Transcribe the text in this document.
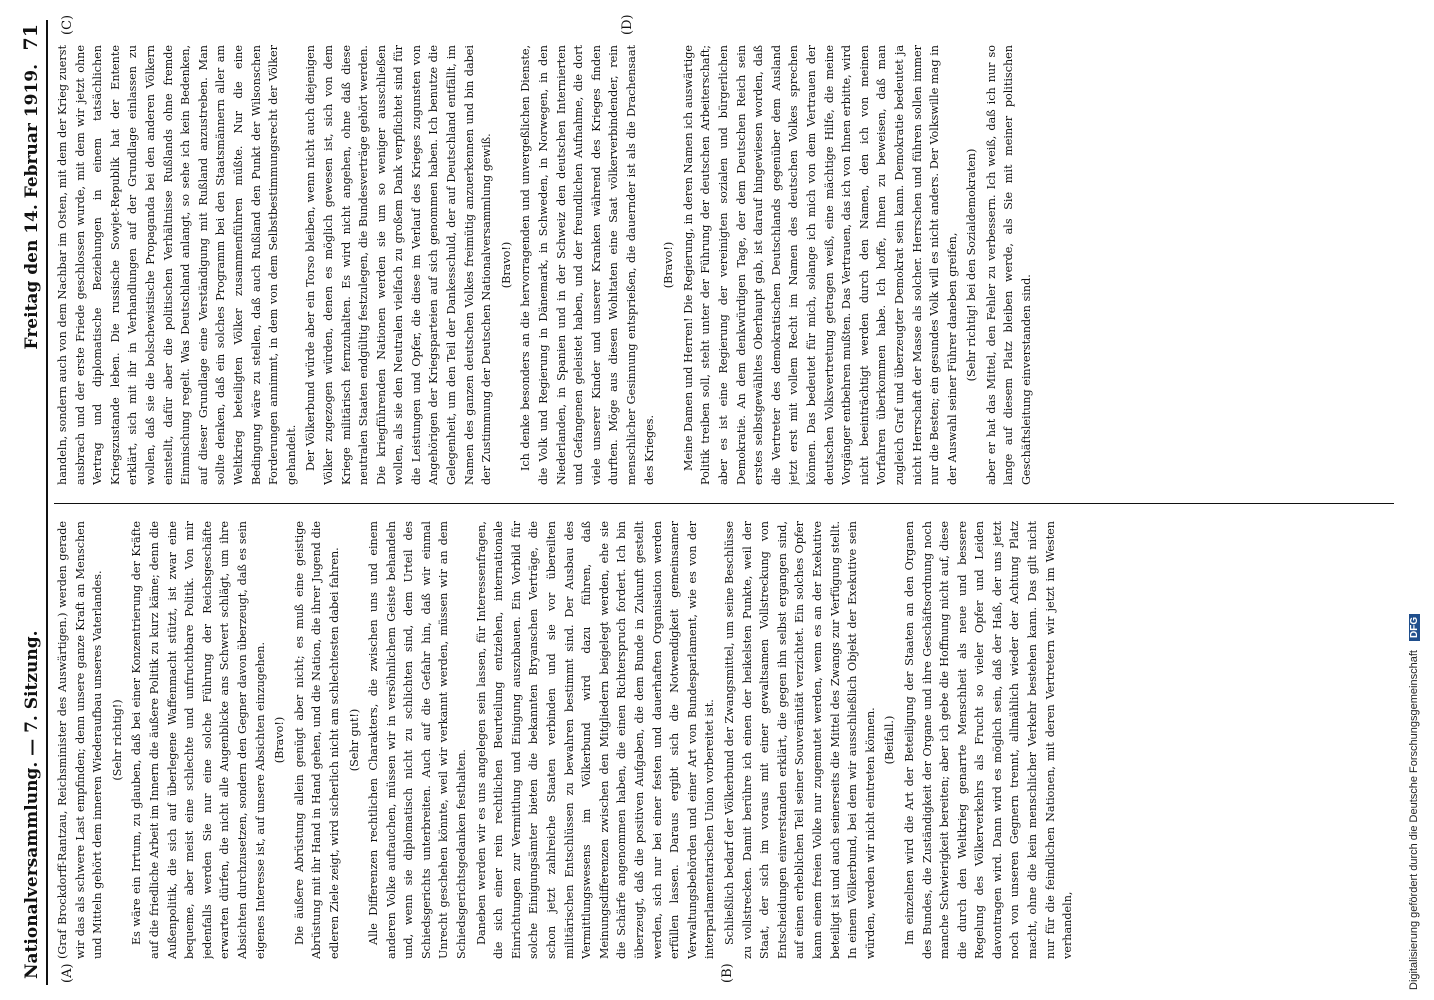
Nationalversammlung. — 7. Sitzung.
Freitag den 14. Februar 1919.
71
(A)	(B)
(C)	(D)

(Graf Brockdorff-Rantzau, Reichsminister des Auswärtigen.) werden gerade wir das als schwere Last empfinden; denn unsere ganze Kraft an Menschen und Mitteln gehört dem inneren Wiederaufbau unseres Vaterlandes. (Sehr richtig!) Es wäre ein Irrtum, zu glauben, daß bei einer Konzentrierung der Kräfte auf die friedliche Arbeit im Innern die äußere Politik zu kurz käme; denn die Außenpolitik, die sich auf überlegene Waffenmacht stützt, ist zwar eine bequeme, aber meist eine schlechte und unfruchtbare Politik. Von mir jedenfalls werden Sie nur eine solche Führung der Reichsgeschäfte erwarten dürfen, die nicht alle Augenblicke ans Schwert schlägt, um ihre Absichten durchzusetzen, sondern den Gegner davon überzeugt, daß es sein eigenes Interesse ist, auf unsere Absichten einzugehen. (Bravo!) Die äußere Abrüstung allein genügt aber nicht; es muß eine geistige Abrüstung mit ihr Hand in Hand gehen, und die Nation, die ihrer Jugend die edleren Ziele zeigt, wird sicherlich nicht am schlechtesten dabei fahren. (Sehr gut!) Alle Differenzen rechtlichen Charakters, die zwischen uns und einem anderen Volke auftauchen, müssen wir in versöhnlichem Geiste behandeln und, wenn sie diplomatisch nicht zu schlichten sind, dem Urteil des Schiedsgerichts unterbreiten. Auch auf die Gefahr hin, daß wir einmal Unrecht geschehen könnte, weil wir verkannt werden, müssen wir an dem Schiedsgerichtsgedanken festhalten. Daneben werden wir es uns angelegen sein lassen, für Interessenfragen, die sich einer rein rechtlichen Beurteilung entziehen, internationale Einrichtungen zur Vermittlung und Einigung auszubauen. Ein Vorbild für solche Einigungsämter bieten die bekannten Bryanschen Verträge, die schon jetzt zahlreiche Staaten verbinden und sie vor übereilten militärischen Entschlüssen zu bewahren bestimmt sind. Der Ausbau des Vermittlungswesens im Völkerbund wird dazu führen, daß Meinungsdifferenzen zwischen den Mitgliedern beigelegt werden, ehe sie die Schärfe angenommen haben, die einen Richterspruch fordert. Ich bin überzeugt, daß die positiven Aufgaben, die dem Bunde in Zukunft gestellt werden, sich nur bei einer festen und dauerhaften Organisation werden erfüllen lassen. Daraus ergibt sich die Notwendigkeit gemeinsamer Verwaltungsbehörden und einer Art von Bundesparlament, wie es von der interparlamentarischen Union vorbereitet ist. Schließlich bedarf der Völkerbund der Zwangsmittel, um seine Beschlüsse zu vollstrecken. Damit berühre ich einen der heikelsten Punkte, weil der Staat, der sich im voraus mit einer gewaltsamen Vollstreckung von Entscheidungen einverstanden erklärt, die gegen ihn selbst ergangen sind, auf einen erheblichen Teil seiner Souveränität verzichtet. Ein solches Opfer kann einem freien Volke nur zugemutet werden, wenn es an der Exekutive beteiligt ist und auch seinerseits die Mittel des Zwangs zur Verfügung stellt. In einem Völkerbund, bei dem wir ausschließlich Objekt der Exekutive sein würden, werden wir nicht eintreten können. (Beifall.) Im einzelnen wird die Art der Beteiligung der Staaten an den Organen des Bundes, die Zuständigkeit der Organe und ihre Geschäftsordnung noch manche Schwierigkeit bereiten; aber ich gebe die Hoffnung nicht auf, diese die durch den Weltkrieg genarrte Menschheit als neue und bessere Regelung des Völkerverkehrs als Frucht so vieler Opfer und Leiden davontragen wird. Dann wird es möglich sein, daß der Haß, der uns jetzt noch von unseren Gegnern trennt, allmählich wieder der Achtung Platz macht, ohne die kein menschlicher Verkehr bestehen kann. Das gilt nicht nur für die feindlichen Nationen, mit deren Vertretern wir jetzt im Westen verhandeln,

handeln, sondern auch von dem Nachbar im Osten, mit dem der Krieg zuerst ausbrach und der erste Friede geschlossen wurde, mit dem wir jetzt ohne Vertrag und diplomatische Beziehungen in einem tatsächlichen Kriegszustande leben. Die russische Sowjet-Republik hat der Entente erklärt, sich mit ihr in Verhandlungen auf der Grundlage einlassen zu wollen, daß sie die bolschewistische Propaganda bei den anderen Völkern einstellt, dafür aber die politischen Verhältnisse Rußlands ohne fremde Einmischung regelt. Was Deutschland anlangt, so sehe ich kein Bedenken, auf dieser Grundlage eine Verständigung mit Rußland anzustreben. Man sollte denken, daß ein solches Programm bei den Staatsmännern aller am Weltkrieg beteiligten Völker zusammenführen müßte. Nur die eine Bedingung wäre zu stellen, daß auch Rußland den Punkt der Wilsonschen Forderungen annimmt, in dem von dem Selbstbestimmungsrecht der Völker gehandelt. Der Völkerbund würde aber ein Torso bleiben, wenn nicht auch diejenigen Völker zugezogen würden, denen es möglich gewesen ist, sich von dem Kriege militärisch fernzuhalten. Es wird nicht angehen, ohne daß diese neutralen Staaten endgültig festzulegen, die Bundesverträge gehört werden. Die kriegführenden Nationen werden sie um so weniger ausschließen wollen, als sie den Neutralen vielfach zu großem Dank verpflichtet sind für die Leistungen und Opfer, die diese im Verlauf des Krieges zugunsten von Angehörigen der Kriegsparteien auf sich genommen haben. Ich benutze die Gelegenheit, um den Teil der Dankesschuld, der auf Deutschland entfällt, im Namen des ganzen deutschen Volkes freimütig anzuerkennen und bin dabei der Zustimmung der Deutschen Nationalversammlung gewiß. (Bravo!) Ich denke besonders an die hervorragenden und unvergeßlichen Dienste, die Volk und Regierung in Dänemark, in Schweden, in Norwegen, in den Niederlanden, in Spanien und in der Schweiz den deutschen Internierten und Gefangenen geleistet haben, und der freundlichen Aufnahme, die dort viele unserer Kinder und unserer Kranken während des Krieges finden durften. Möge aus diesen Wohltaten eine Saat völkerverbindender, rein menschlicher Gesinnung entsprießen, die dauernder ist als die Drachensaat des Krieges.

(Bravo!) Meine Damen und Herren! Die Regierung, in deren Namen ich auswärtige Politik treiben soll, steht unter der Führung der deutschen Arbeiterschaft; aber es ist eine Regierung der vereinigten sozialen und bürgerlichen Demokratie. An dem denkwürdigen Tage, der dem Deutschen Reich sein erstes selbstgewähltes Oberhaupt gab, ist darauf hingewiesen worden, daß die Vertreter des demokratischen Deutschlands gegenüber dem Ausland jetzt erst mit vollem Recht im Namen des deutschen Volkes sprechen können. Das bedeutet für mich, solange ich mich von dem Vertrauen der deutschen Volksvertretung getragen weiß, eine mächtige Hilfe, die meine Vorgänger entbehren mußten. Das Vertrauen, das ich von Ihnen erbitte, wird nicht beeinträchtigt werden durch den Namen, den ich von meinen Vorfahren überkommen habe. Ich hoffe, Ihnen zu beweisen, daß man zugleich Graf und überzeugter Demokrat sein kann. Demokratie bedeutet ja nicht Herrschaft der Masse als solcher. Herrschen und führen sollen immer nur die Besten; ein gesundes Volk will es nicht anders. Der Volkswille mag in der Auswahl seiner Führer daneben greifen, (Sehr richtig! bei den Sozialdemokraten) aber er hat das Mittel, den Fehler zu verbessern. Ich weiß, daß ich nur so lange auf diesem Platz bleiben werde, als Sie mit meiner politischen Geschäftsleitung einverstanden sind.

Digitalisierung gefördert durch die Deutsche Forschungsgemeinschaft DFG
